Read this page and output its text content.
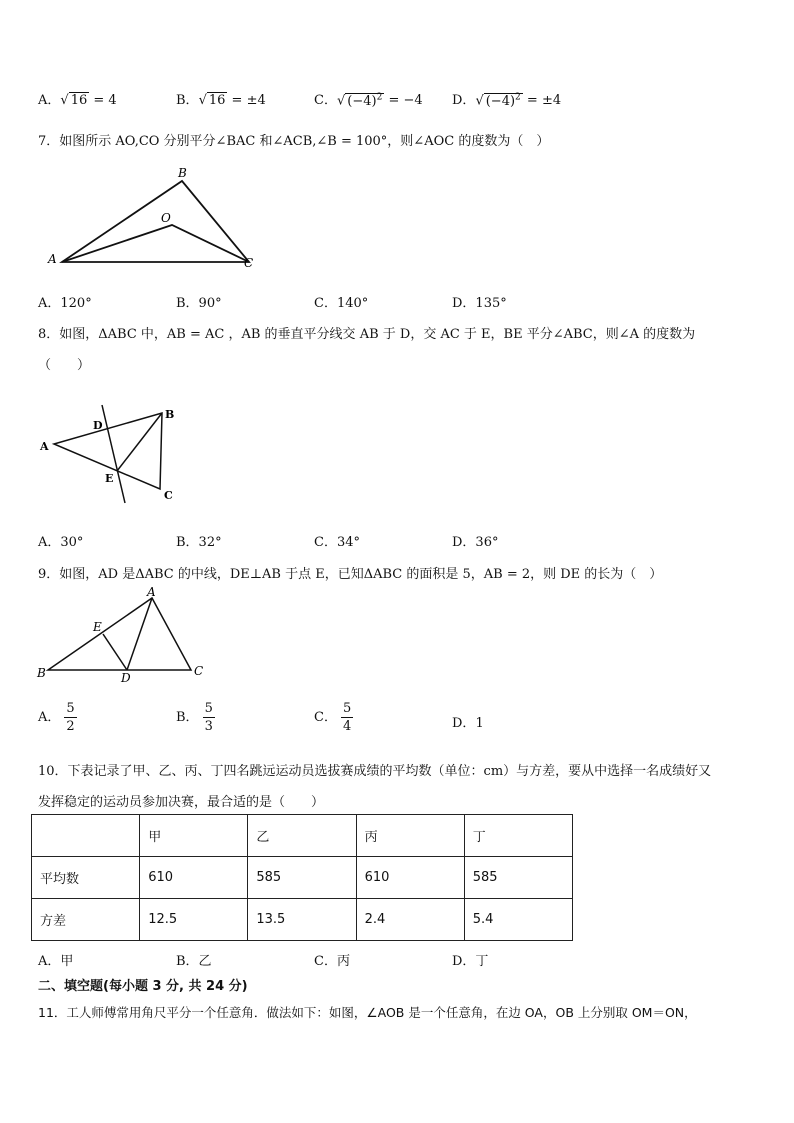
A．√ 16 = 4	B．√ 16 = ±4	C．√ $(-4)^2 = -4$ D．√ $(-4)^2 = \pm 4$
7．如图所示 AO,CO 分别平分∠BAC 和∠ACB,∠B = 100°，则∠AOC 的度数为（　）
A
B
C
O
A．120°	B．90°	C．140°	D．135°
8．如图，ΔABC 中，AB = AC ，AB 的垂直平分线交 AB 于 D，交 AC 于 E，BE 平分∠ABC，则∠A 的度数为
（　　）
A
B
C
D
E
A．30°	B．32°	C．34°	D．36°
9．如图，AD 是ΔABC 的中线，DE⊥AB 于点 E，已知ΔABC 的面积是 5，AB = 2，则 DE 的长为（　）
A
B	C
D
E
A． $\frac{5}{2}$	B． $\frac{5}{3}$	C． $\frac{5}{4}$	D．1
10．下表记录了甲、乙、丙、丁四名跳远运动员选拔赛成绩的平均数（单位：cm）与方差，要从中选择一名成绩好又
发挥稳定的运动员参加决赛，最合适的是（　　）
	甲	乙	丙	丁
平均数	610	585	610	585
方差	12.5	13.5	2.4	5.4
A．甲	B．乙	C．丙	D．丁
二、填空题(每小题 3 分, 共 24 分)
11．工人师傅常用角尺平分一个任意角．做法如下：如图，∠AOB 是一个任意角，在边 OA，OB 上分别取 OM＝ON，
